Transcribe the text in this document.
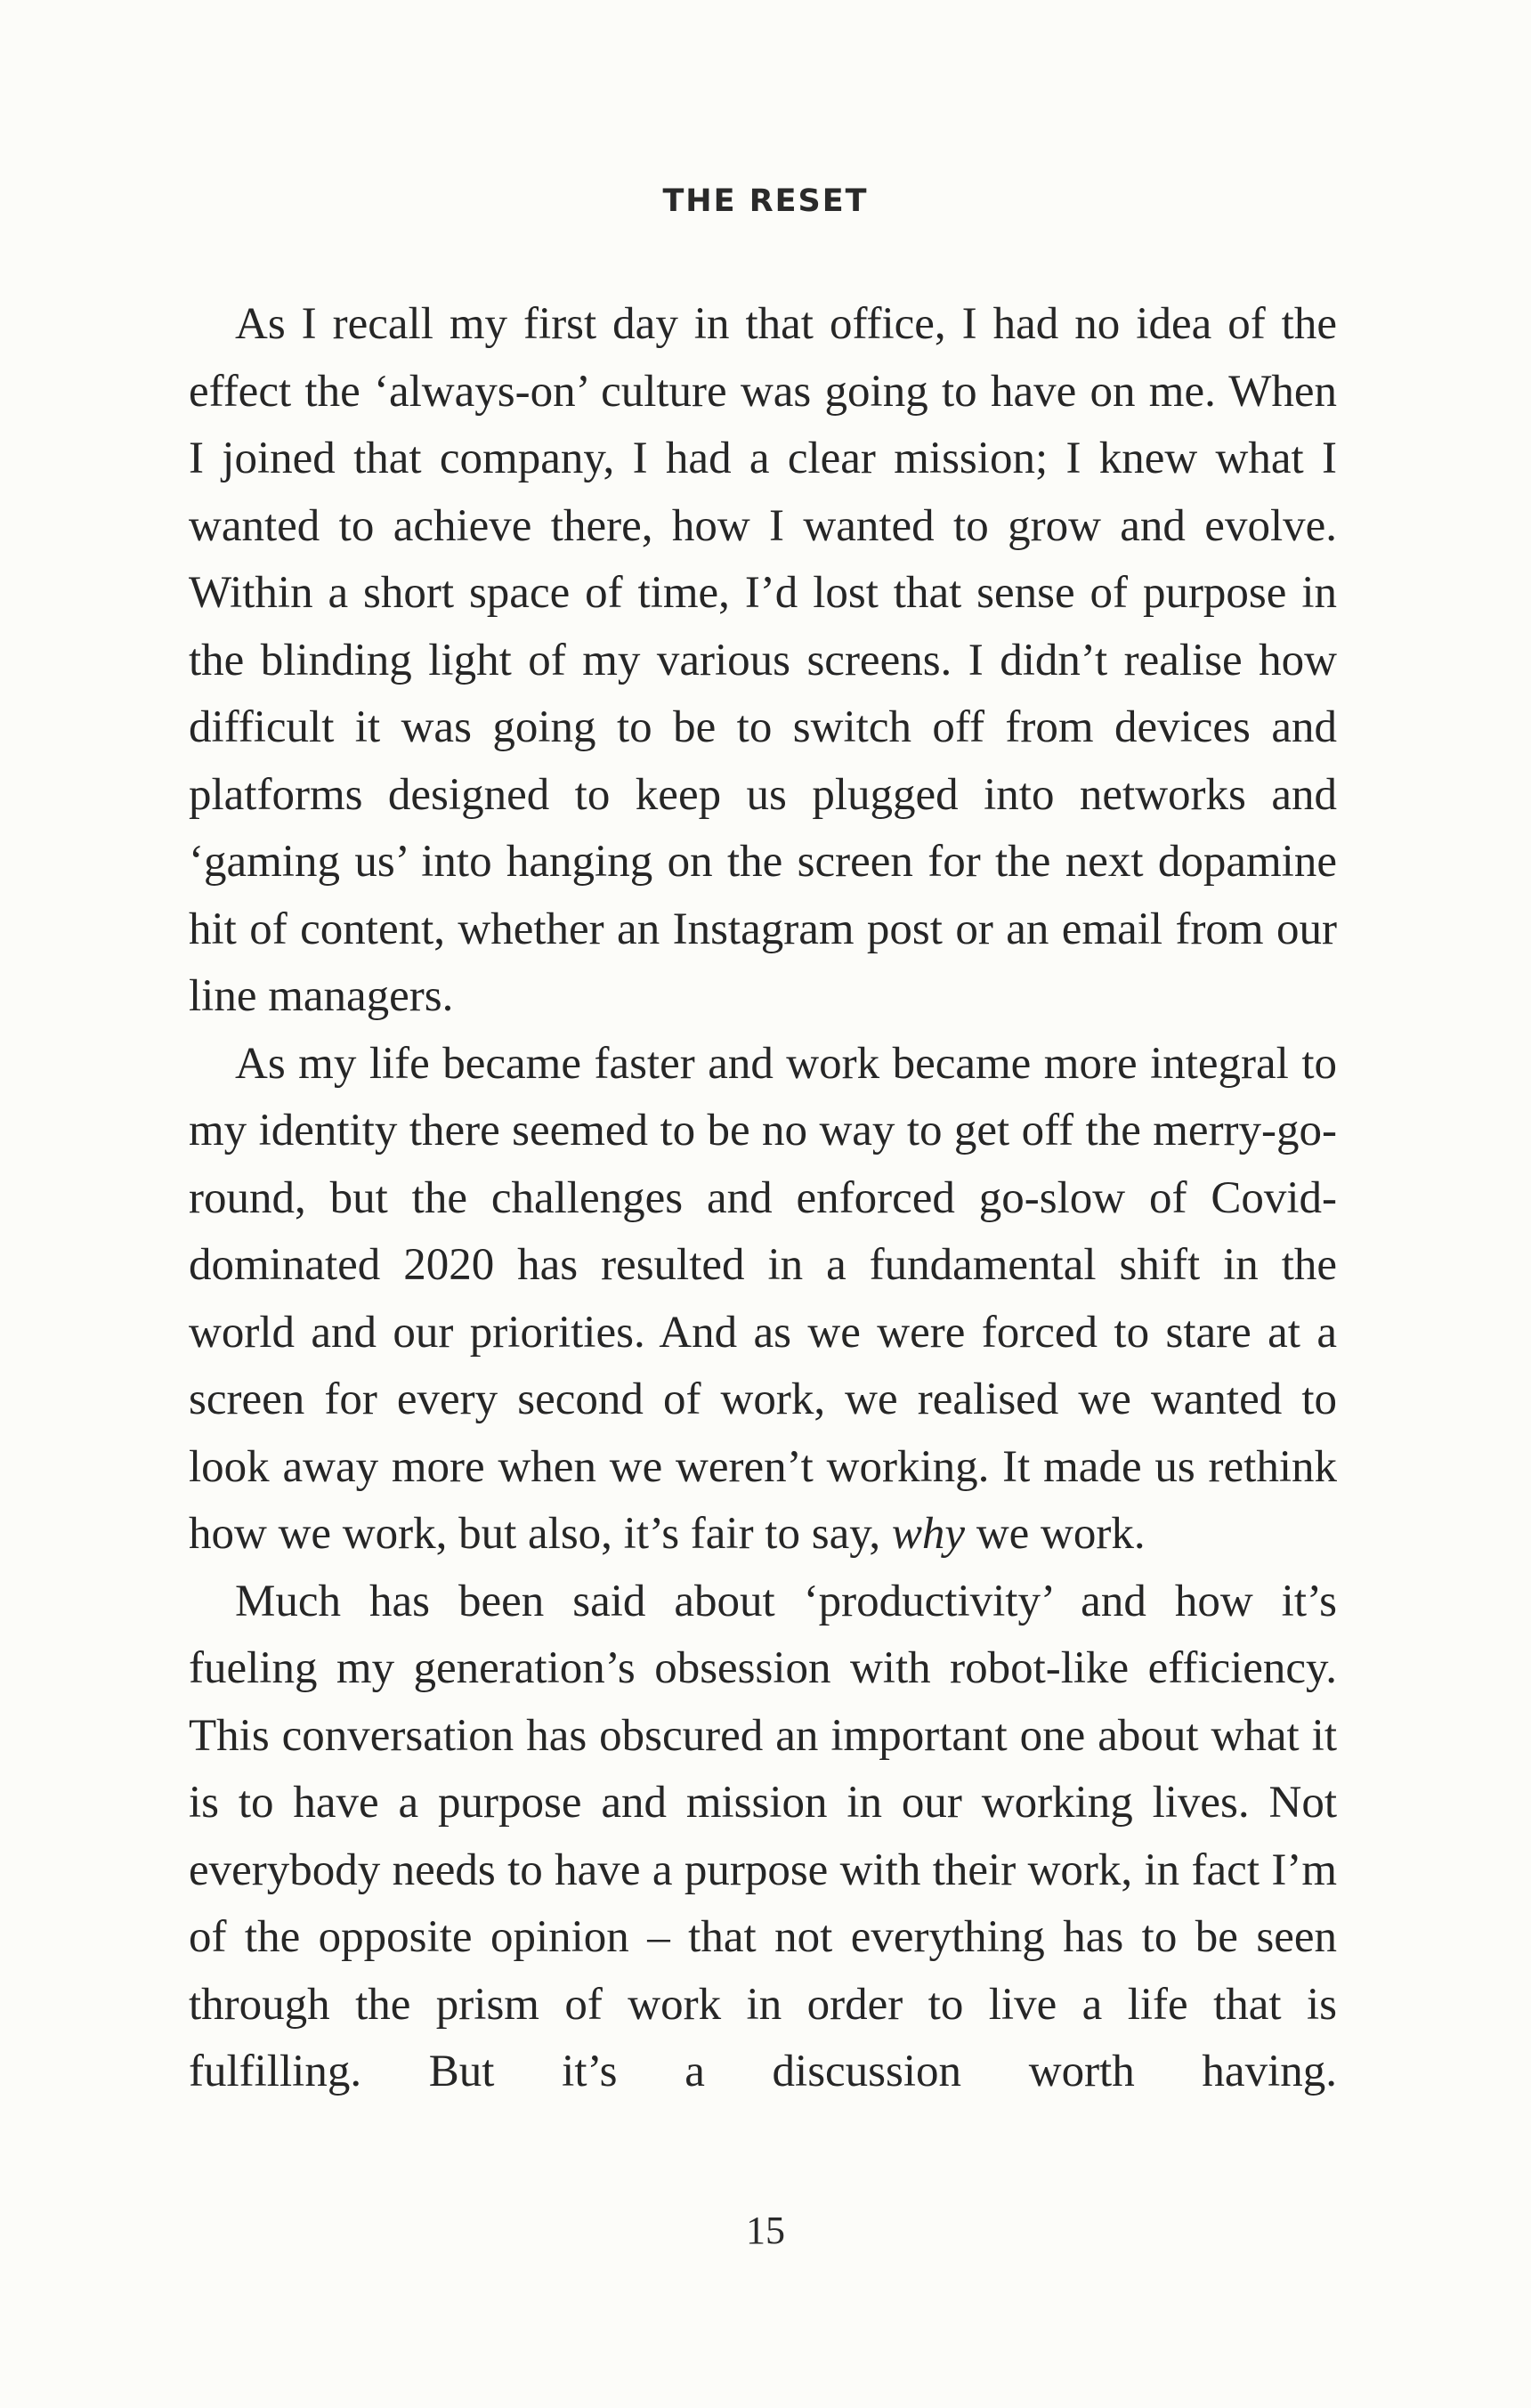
THE RESET

As I recall my first day in that office, I had no idea of the effect the ‘always-on’ culture was going to have on me. When I joined that company, I had a clear mission; I knew what I wanted to achieve there, how I wanted to grow and evolve. Within a short space of time, I’d lost that sense of purpose in the blinding light of my various screens. I didn’t realise how difficult it was going to be to switch off from devices and platforms designed to keep us plugged into networks and ‘gaming us’ into hanging on the screen for the next dopamine hit of content, whether an Instagram post or an email from our line managers.

As my life became faster and work became more integral to my identity there seemed to be no way to get off the merry-go-round, but the challenges and enforced go-slow of Covid-dominated 2020 has resulted in a fundamental shift in the world and our priorities. And as we were forced to stare at a screen for every second of work, we realised we wanted to look away more when we weren’t working. It made us rethink how we work, but also, it’s fair to say, why we work.

Much has been said about ‘productivity’ and how it’s fueling my generation’s obsession with robot-like efficiency. This conversation has obscured an important one about what it is to have a purpose and mission in our working lives. Not everybody needs to have a purpose with their work, in fact I’m of the opposite opinion – that not everything has to be seen through the prism of work in order to live a life that is fulfilling. But it’s a discussion worth having.

15
